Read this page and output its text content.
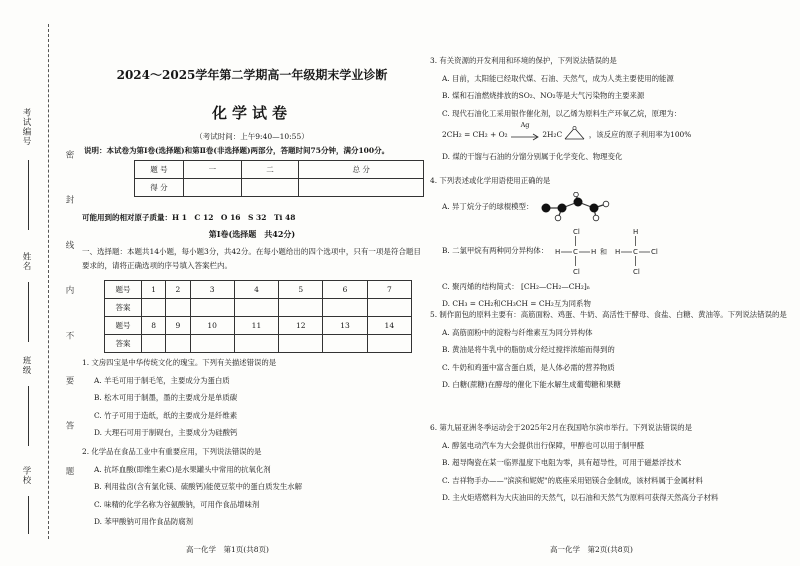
考试编号
姓名
班级
学校	密 封 线 内 不 要 答 题
2024～2025学年第二学期高一年级期末学业诊断
化学试卷
（考试时间：上午9:40—10:55）
说明：本试卷为第Ⅰ卷(选择题)和第Ⅱ卷(非选择题)两部分，答题时间75分钟，满分100分。
题 号	一	二	总 分
得 分			
可能用到的相对原子质量：H 1　C 12　O 16　S 32　Ti 48
第Ⅰ卷(选择题　共42分)
一、选择题：本题共14小题，每小题3分，共42分。在每小题给出的四个选项中，只有一项是符合题目要求的，请将正确选项的序号填入答案栏内。
题号	1	2	3	4	5	6	7
答案							
题号	8	9	10	11	12	13	14
答案							
1. 文房四宝是中华传统文化的瑰宝。下列有关描述错误的是
A. 羊毛可用于制毛笔，主要成分为蛋白质
B. 松木可用于制墨，墨的主要成分是单质碳
C. 竹子可用于造纸，纸的主要成分是纤维素
D. 大理石可用于制砚台，主要成分为硅酸钙
2. 化学品在食品工业中有重要应用，下列说法错误的是
A. 抗坏血酸(即维生素C)是水果罐头中常用的抗氧化剂
B. 利用盐卤(含有氯化镁、硫酸钙)能使豆浆中的蛋白质发生水解
C. 味精的化学名称为谷氨酸钠，可用作食品增味剂
D. 苯甲酸钠可用作食品防腐剂
高一化学　第1页(共8页)
3. 有关资源的开发利用和环境的保护，下列说法错误的是
A. 目前，太阳能已经取代煤、石油、天然气，成为人类主要使用的能源
B. 煤和石油燃烧排放的SO₂、NO₂等是大气污染物的主要来源
C. 现代石油化工采用银作催化剂，以乙烯为原料生产环氧乙烷，原理为：
2CH₂ = CH₂ + O₂
Ag
2H₂C	，该反应的原子利用率为100%
D. 煤的干馏与石油的分馏分别属于化学变化、物理变化
4. 下列表述或化学用语使用正确的是
A. 异丁烷分子的球棍模型：
B. 二氯甲烷有两种同分异构体： H C H
Cl
Cl
和 H C Cl
H
Cl
C. 聚丙烯的结构简式： [CH₂—CH₂—CH₂]ₙ
D. CH₃ = CH₂和CH₃CH = CH₂互为同系物
5. 制作面包的原料主要有：高筋面粉、鸡蛋、牛奶、高活性干酵母、食盐、白糖、黄油等。下列说法错误的是
A. 高筋面粉中的淀粉与纤维素互为同分异构体
B. 黄油是将牛乳中的脂肪成分经过搅拌浓缩而得到的
C. 牛奶和鸡蛋中富含蛋白质，是人体必需的营养物质
D. 白糖(蔗糖)在酵母的催化下能水解生成葡萄糖和果糖
6. 第九届亚洲冬季运动会于2025年2月在我国哈尔滨市举行。下列说法错误的是
A. 醇氢电动汽车为大会提供出行保障，甲醇也可以用于制甲醛
B. 超导陶瓷在某一临界温度下电阻为零，具有超导性，可用于磁悬浮技术
C. 吉祥物手办——"滨滨和妮妮"的底座采用铝镁合金制成，该材料属于金属材料
D. 主火炬塔燃料为大庆油田的天然气，以石油和天然气为原料可获得天然高分子材料
高一化学　第2页(共8页)
